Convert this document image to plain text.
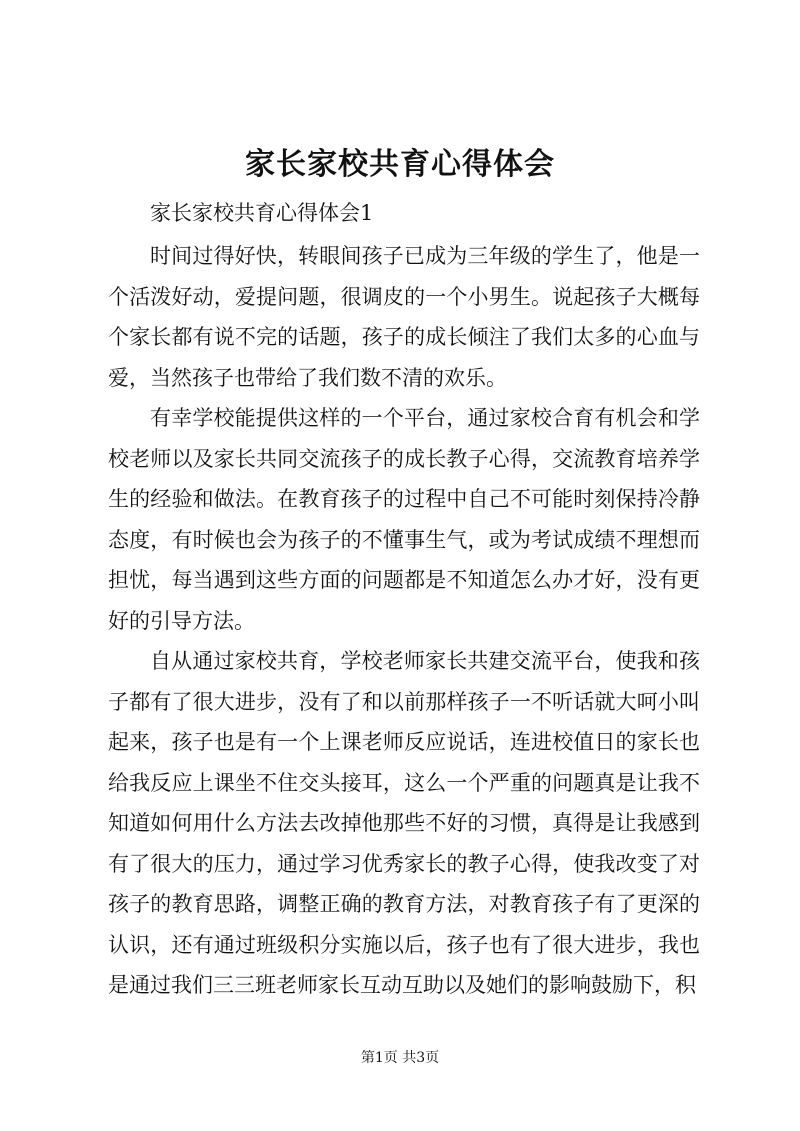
家长家校共育心得体会
家长家校共育心得体会1

时间过得好快，转眼间孩子已成为三年级的学生了，他是一个活泼好动，爱提问题，很调皮的一个小男生。说起孩子大概每个家长都有说不完的话题，孩子的成长倾注了我们太多的心血与爱，当然孩子也带给了我们数不清的欢乐。

有幸学校能提供这样的一个平台，通过家校合育有机会和学校老师以及家长共同交流孩子的成长教子心得，交流教育培养学生的经验和做法。在教育孩子的过程中自己不可能时刻保持冷静态度，有时候也会为孩子的不懂事生气，或为考试成绩不理想而担忧，每当遇到这些方面的问题都是不知道怎么办才好，没有更好的引导方法。

自从通过家校共育，学校老师家长共建交流平台，使我和孩子都有了很大进步，没有了和以前那样孩子一不听话就大呵小叫起来，孩子也是有一个上课老师反应说话，连进校值日的家长也给我反应上课坐不住交头接耳，这么一个严重的问题真是让我不知道如何用什么方法去改掉他那些不好的习惯，真得是让我感到有了很大的压力，通过学习优秀家长的教子心得，使我改变了对孩子的教育思路，调整正确的教育方法，对教育孩子有了更深的认识，还有通过班级积分实施以后，孩子也有了很大进步，我也是通过我们三三班老师家长互动互助以及她们的影响鼓励下，积

第1页 共3页
